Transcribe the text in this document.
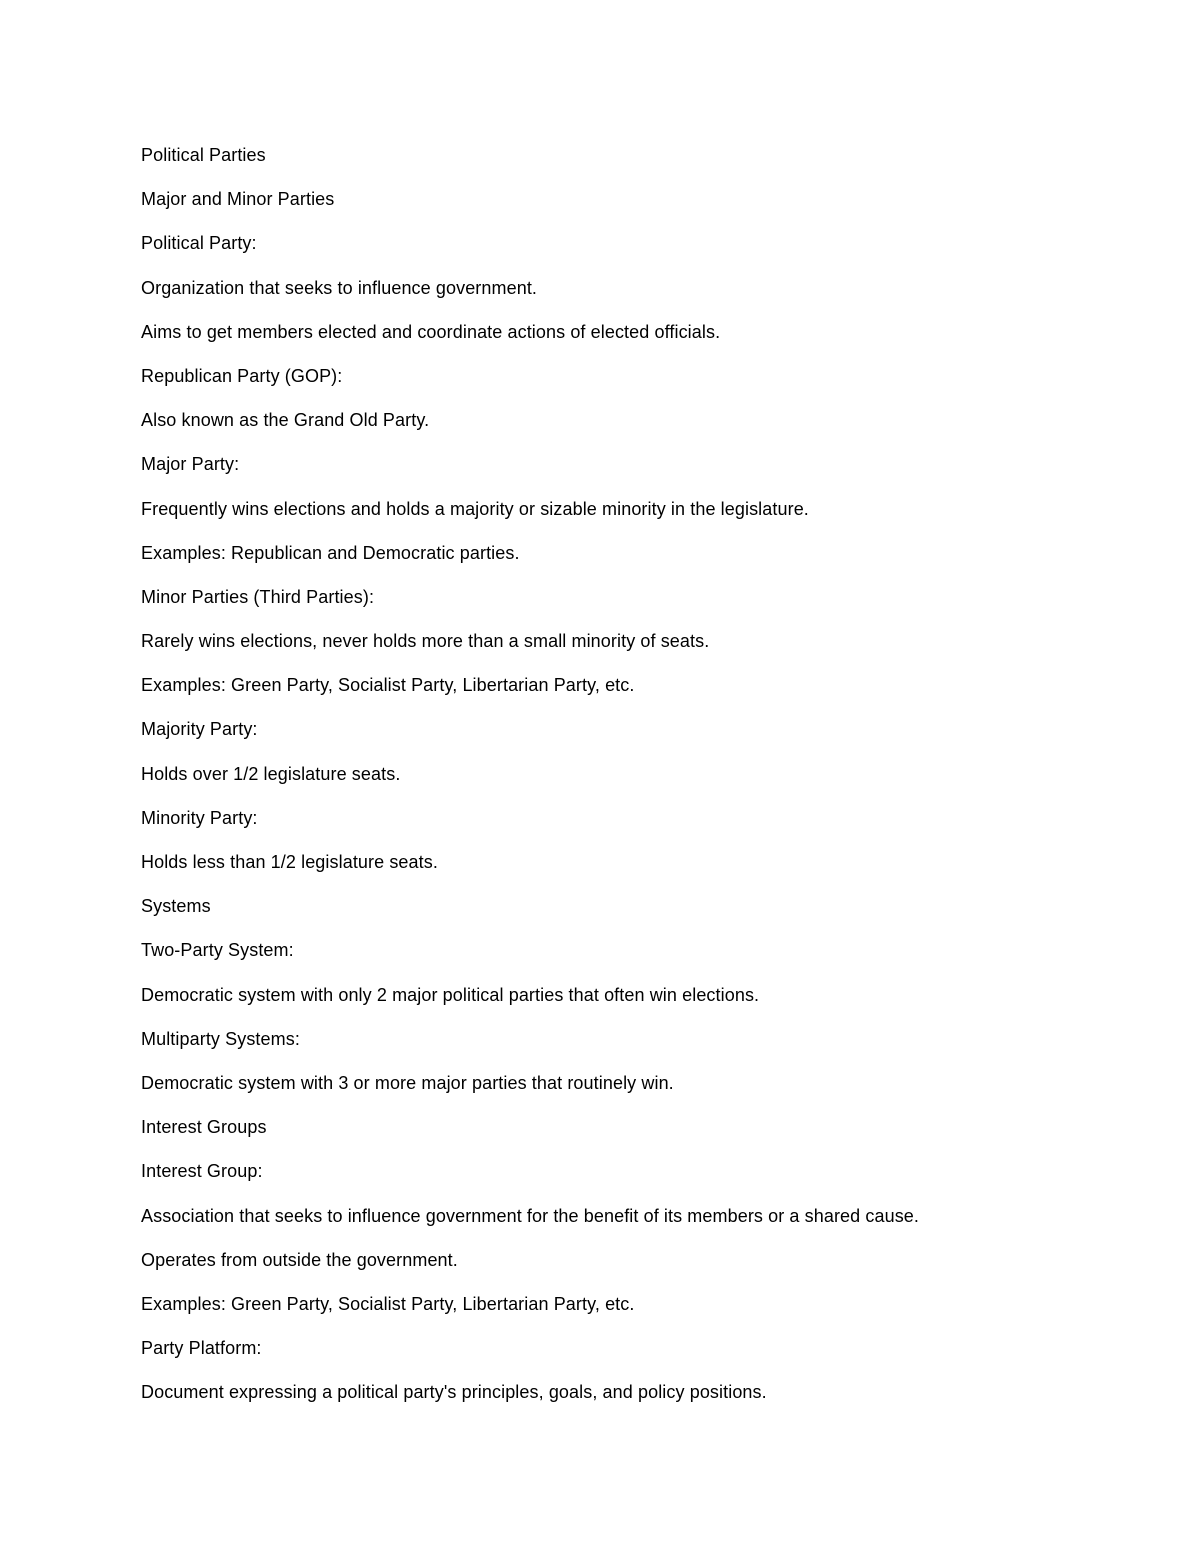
Political Parties
Major and Minor Parties
Political Party:
Organization that seeks to influence government.
Aims to get members elected and coordinate actions of elected officials.
Republican Party (GOP):
Also known as the Grand Old Party.
Major Party:
Frequently wins elections and holds a majority or sizable minority in the legislature.
Examples: Republican and Democratic parties.
Minor Parties (Third Parties):
Rarely wins elections, never holds more than a small minority of seats.
Examples: Green Party, Socialist Party, Libertarian Party, etc.
Majority Party:
Holds over 1/2 legislature seats.
Minority Party:
Holds less than 1/2 legislature seats.
Systems
Two-Party System:
Democratic system with only 2 major political parties that often win elections.
Multiparty Systems:
Democratic system with 3 or more major parties that routinely win.
Interest Groups
Interest Group:
Association that seeks to influence government for the benefit of its members or a shared cause.
Operates from outside the government.
Examples: Green Party, Socialist Party, Libertarian Party, etc.
Party Platform:
Document expressing a political party's principles, goals, and policy positions.
